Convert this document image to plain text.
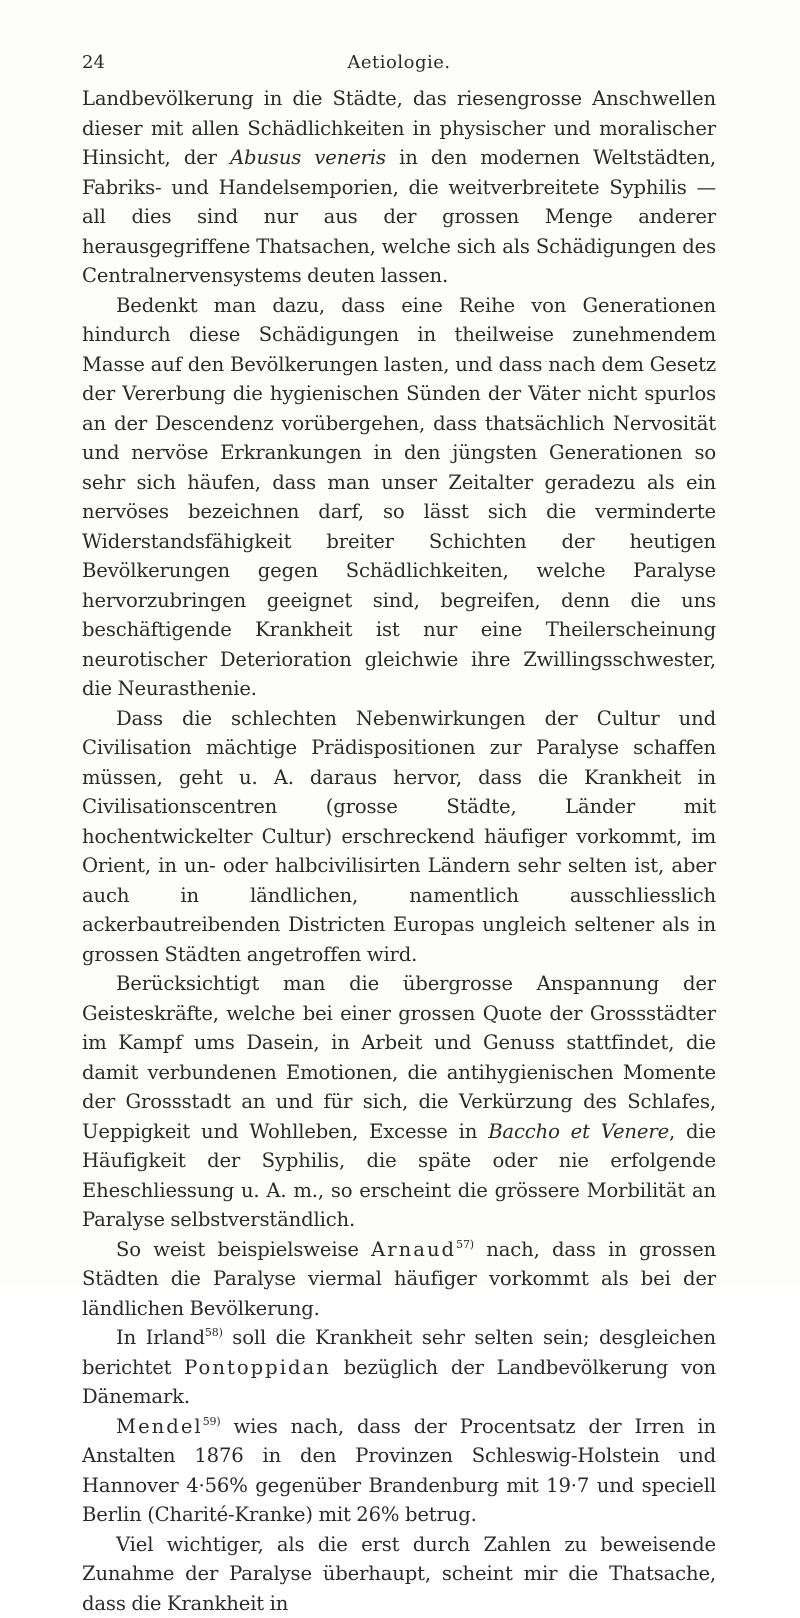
24	Aetiologie.

Landbevölkerung in die Städte, das riesengrosse Anschwellen dieser mit allen Schädlichkeiten in physischer und moralischer Hinsicht, der Abusus veneris in den modernen Weltstädten, Fabriks- und Handelsemporien, die weitverbreitete Syphilis — all dies sind nur aus der grossen Menge anderer herausgegriffene Thatsachen, welche sich als Schädigungen des Centralnervensystems deuten lassen.

Bedenkt man dazu, dass eine Reihe von Generationen hindurch diese Schädigungen in theilweise zunehmendem Masse auf den Bevölkerungen lasten, und dass nach dem Gesetz der Vererbung die hygienischen Sünden der Väter nicht spurlos an der Descendenz vorübergehen, dass thatsächlich Nervosität und nervöse Erkrankungen in den jüngsten Generationen so sehr sich häufen, dass man unser Zeitalter geradezu als ein nervöses bezeichnen darf, so lässt sich die verminderte Widerstandsfähigkeit breiter Schichten der heutigen Bevölkerungen gegen Schädlichkeiten, welche Paralyse hervorzubringen geeignet sind, begreifen, denn die uns beschäftigende Krankheit ist nur eine Theilerscheinung neurotischer Deterioration gleichwie ihre Zwillingsschwester, die Neurasthenie.

Dass die schlechten Nebenwirkungen der Cultur und Civilisation mächtige Prädispositionen zur Paralyse schaffen müssen, geht u. A. daraus hervor, dass die Krankheit in Civilisationscentren (grosse Städte, Länder mit hochentwickelter Cultur) erschreckend häufiger vorkommt, im Orient, in un- oder halbcivilisirten Ländern sehr selten ist, aber auch in ländlichen, namentlich ausschliesslich ackerbautreibenden Districten Europas ungleich seltener als in grossen Städten angetroffen wird.

Berücksichtigt man die übergrosse Anspannung der Geisteskräfte, welche bei einer grossen Quote der Grossstädter im Kampf ums Dasein, in Arbeit und Genuss stattfindet, die damit verbundenen Emotionen, die antihygienischen Momente der Grossstadt an und für sich, die Verkürzung des Schlafes, Ueppigkeit und Wohlleben, Excesse in Baccho et Venere, die Häufigkeit der Syphilis, die späte oder nie erfolgende Eheschliessung u. A. m., so erscheint die grössere Morbilität an Paralyse selbstverständlich.

So weist beispielsweise Arnaud$^{57)}$ nach, dass in grossen Städten die Paralyse viermal häufiger vorkommt als bei der ländlichen Bevölkerung.

In Irland$^{58)}$ soll die Krankheit sehr selten sein; desgleichen berichtet Pontoppidan bezüglich der Landbevölkerung von Dänemark.

Mendel$^{59)}$ wies nach, dass der Procentsatz der Irren in Anstalten 1876 in den Provinzen Schleswig-Holstein und Hannover 4·56% gegenüber Brandenburg mit 19·7 und speciell Berlin (Charité-Kranke) mit 26% betrug.

Viel wichtiger, als die erst durch Zahlen zu beweisende Zunahme der Paralyse überhaupt, scheint mir die Thatsache, dass die Krankheit in
